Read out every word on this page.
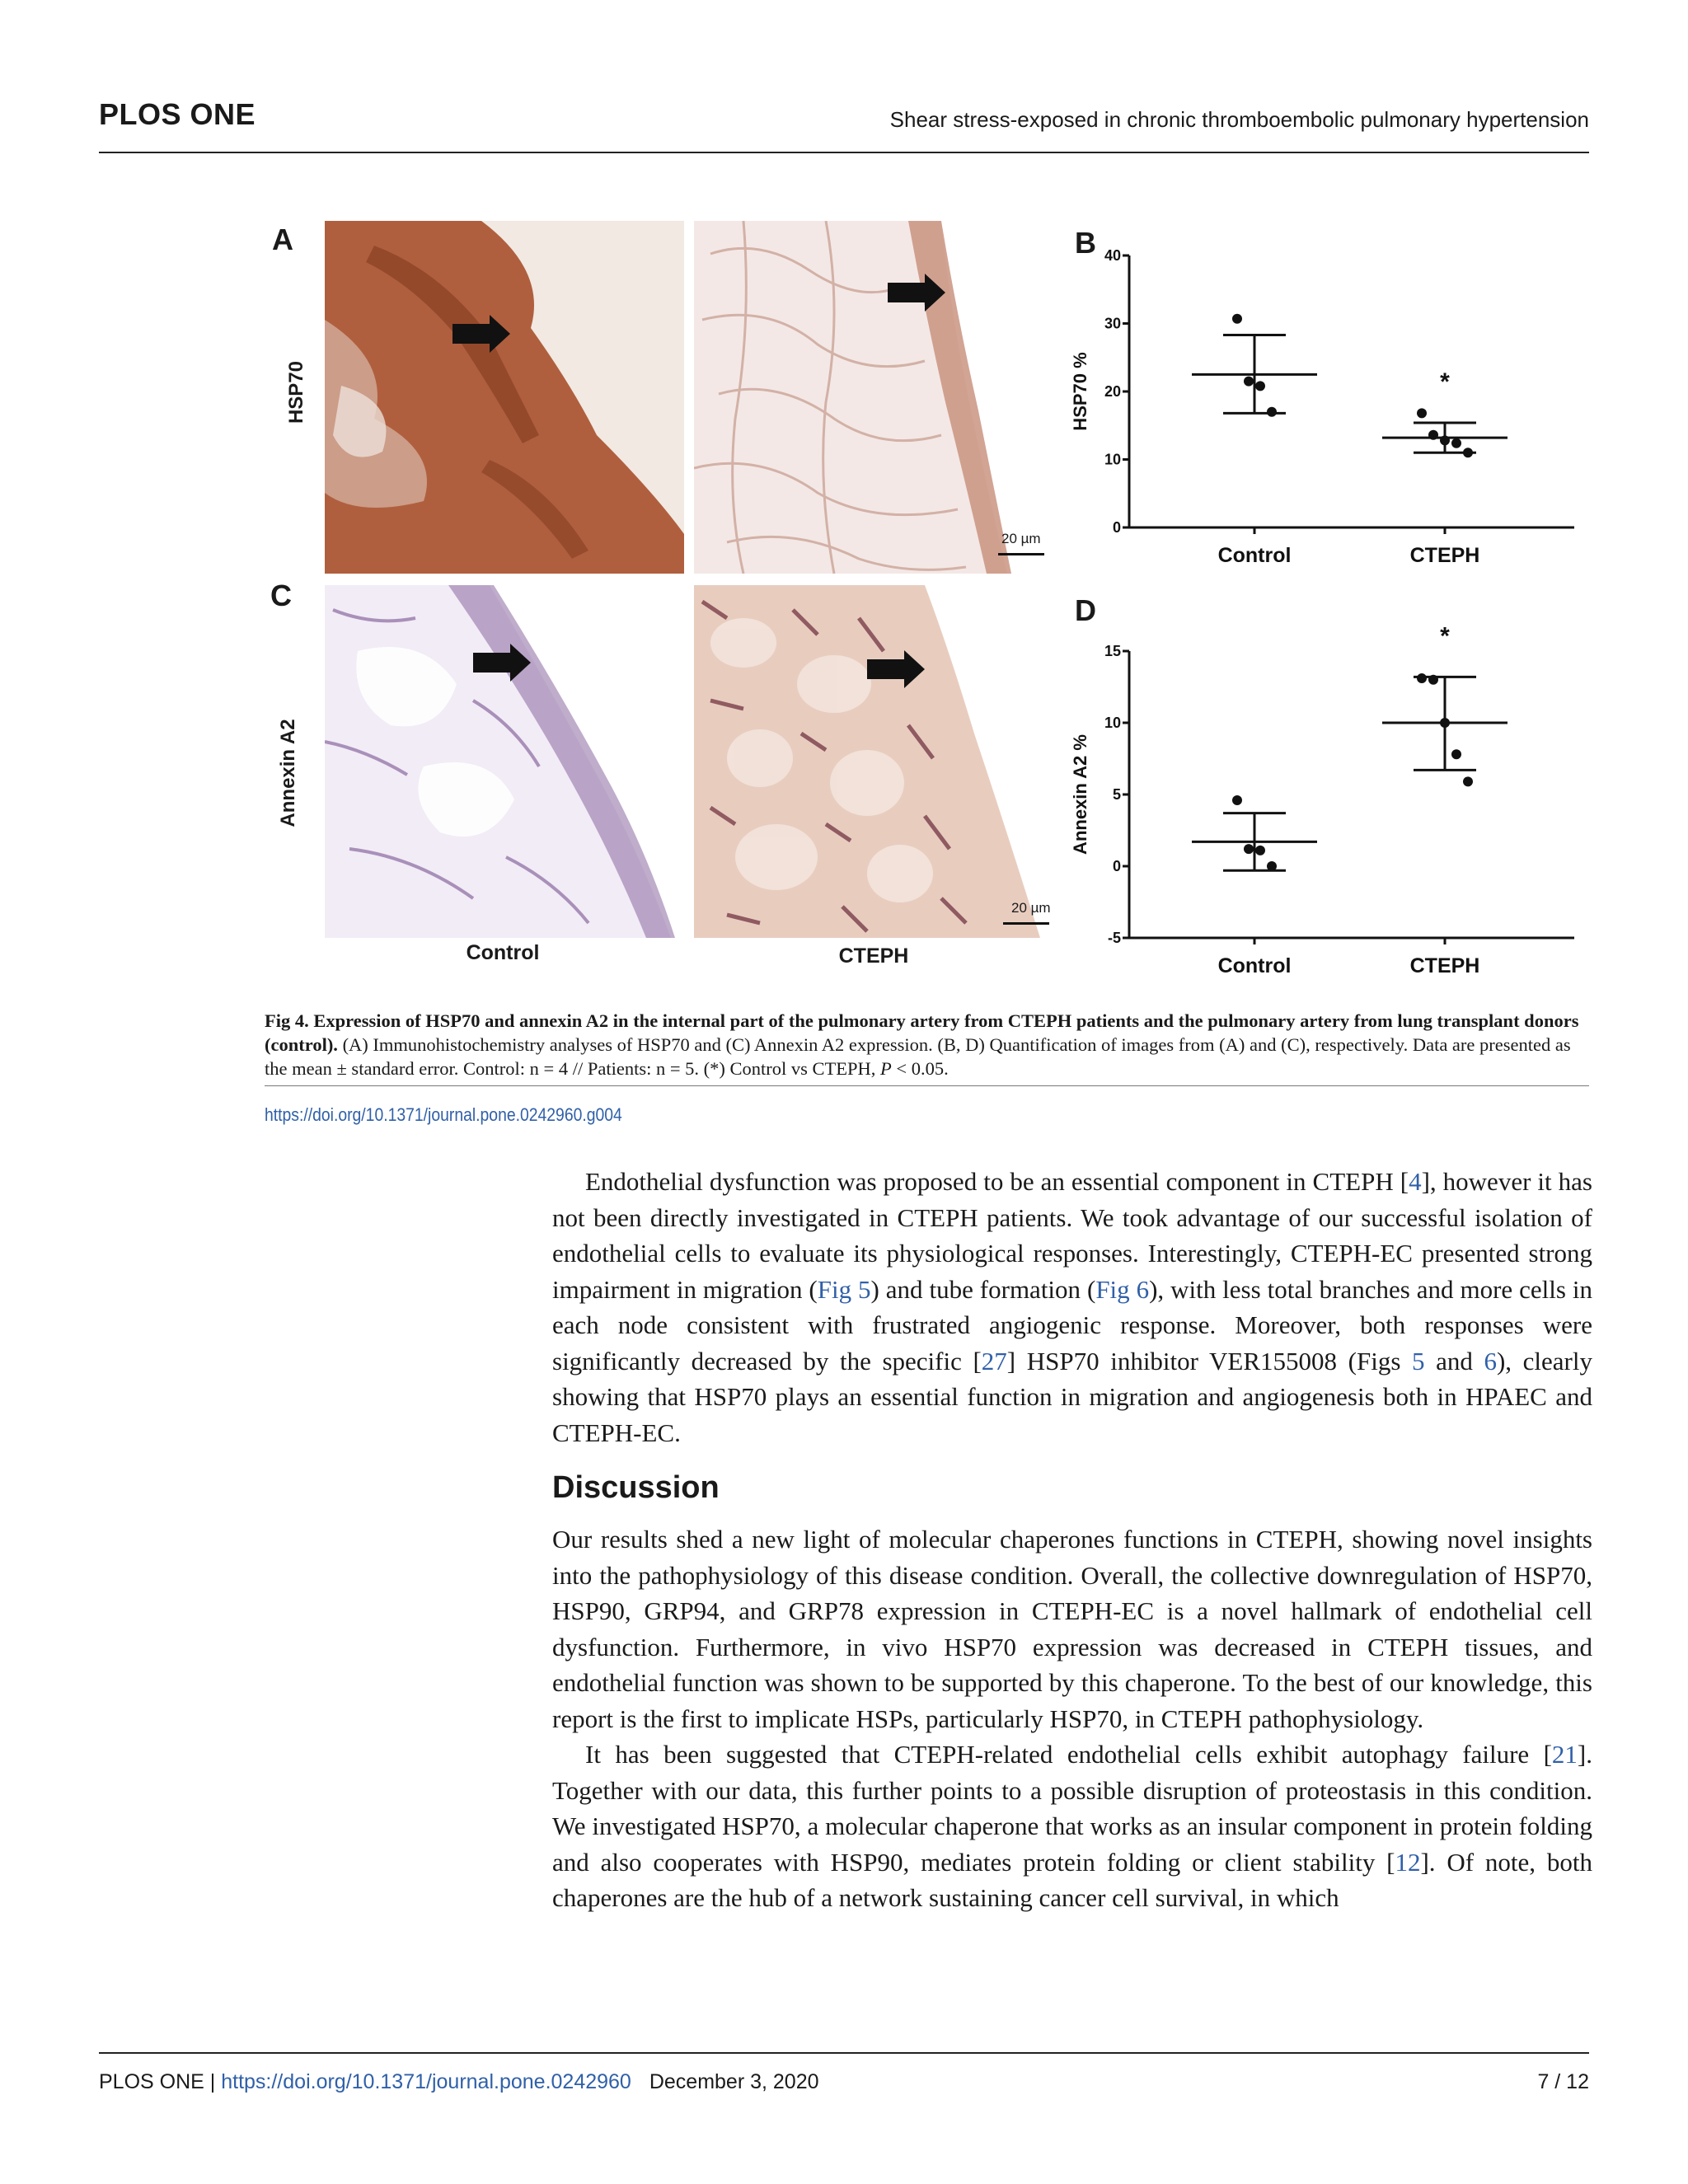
PLOS ONE	Shear stress-exposed in chronic thromboembolic pulmonary hypertension
A
C
B
D
HSP70
Annexin A2
20 µm
20 µm
Control	CTEPH
0
10
20
30
40
HSP70 %
Control	CTEPH
*
-5
0
5
10
15
Annexin A2 %
Control	CTEPH
*
Fig 4. Expression of HSP70 and annexin A2 in the internal part of the pulmonary artery from CTEPH patients and the pulmonary artery from lung transplant donors (control). (A) Immunohistochemistry analyses of HSP70 and (C) Annexin A2 expression. (B, D) Quantification of images from (A) and (C), respectively. Data are presented as the mean ± standard error. Control: n = 4 // Patients: n = 5. (*) Control vs CTEPH, P < 0.05.
https://doi.org/10.1371/journal.pone.0242960.g004

Endothelial dysfunction was proposed to be an essential component in CTEPH [4], however it has not been directly investigated in CTEPH patients. We took advantage of our successful isolation of endothelial cells to evaluate its physiological responses. Interestingly, CTEPH-EC presented strong impairment in migration (Fig 5) and tube formation (Fig 6), with less total branches and more cells in each node consistent with frustrated angiogenic response. Moreover, both responses were significantly decreased by the specific [27] HSP70 inhibitor VER155008 (Figs 5 and 6), clearly showing that HSP70 plays an essential function in migration and angiogenesis both in HPAEC and CTEPH-EC.

Discussion

Our results shed a new light of molecular chaperones functions in CTEPH, showing novel insights into the pathophysiology of this disease condition. Overall, the collective downregulation of HSP70, HSP90, GRP94, and GRP78 expression in CTEPH-EC is a novel hallmark of endothelial cell dysfunction. Furthermore, in vivo HSP70 expression was decreased in CTEPH tissues, and endothelial function was shown to be supported by this chaperone. To the best of our knowledge, this report is the first to implicate HSPs, particularly HSP70, in CTEPH pathophysiology.

It has been suggested that CTEPH-related endothelial cells exhibit autophagy failure [21]. Together with our data, this further points to a possible disruption of proteostasis in this condition. We investigated HSP70, a molecular chaperone that works as an insular component in protein folding and also cooperates with HSP90, mediates protein folding or client stability [12]. Of note, both chaperones are the hub of a network sustaining cancer cell survival, in which

PLOS ONE | https://doi.org/10.1371/journal.pone.0242960 December 3, 2020	7 / 12
